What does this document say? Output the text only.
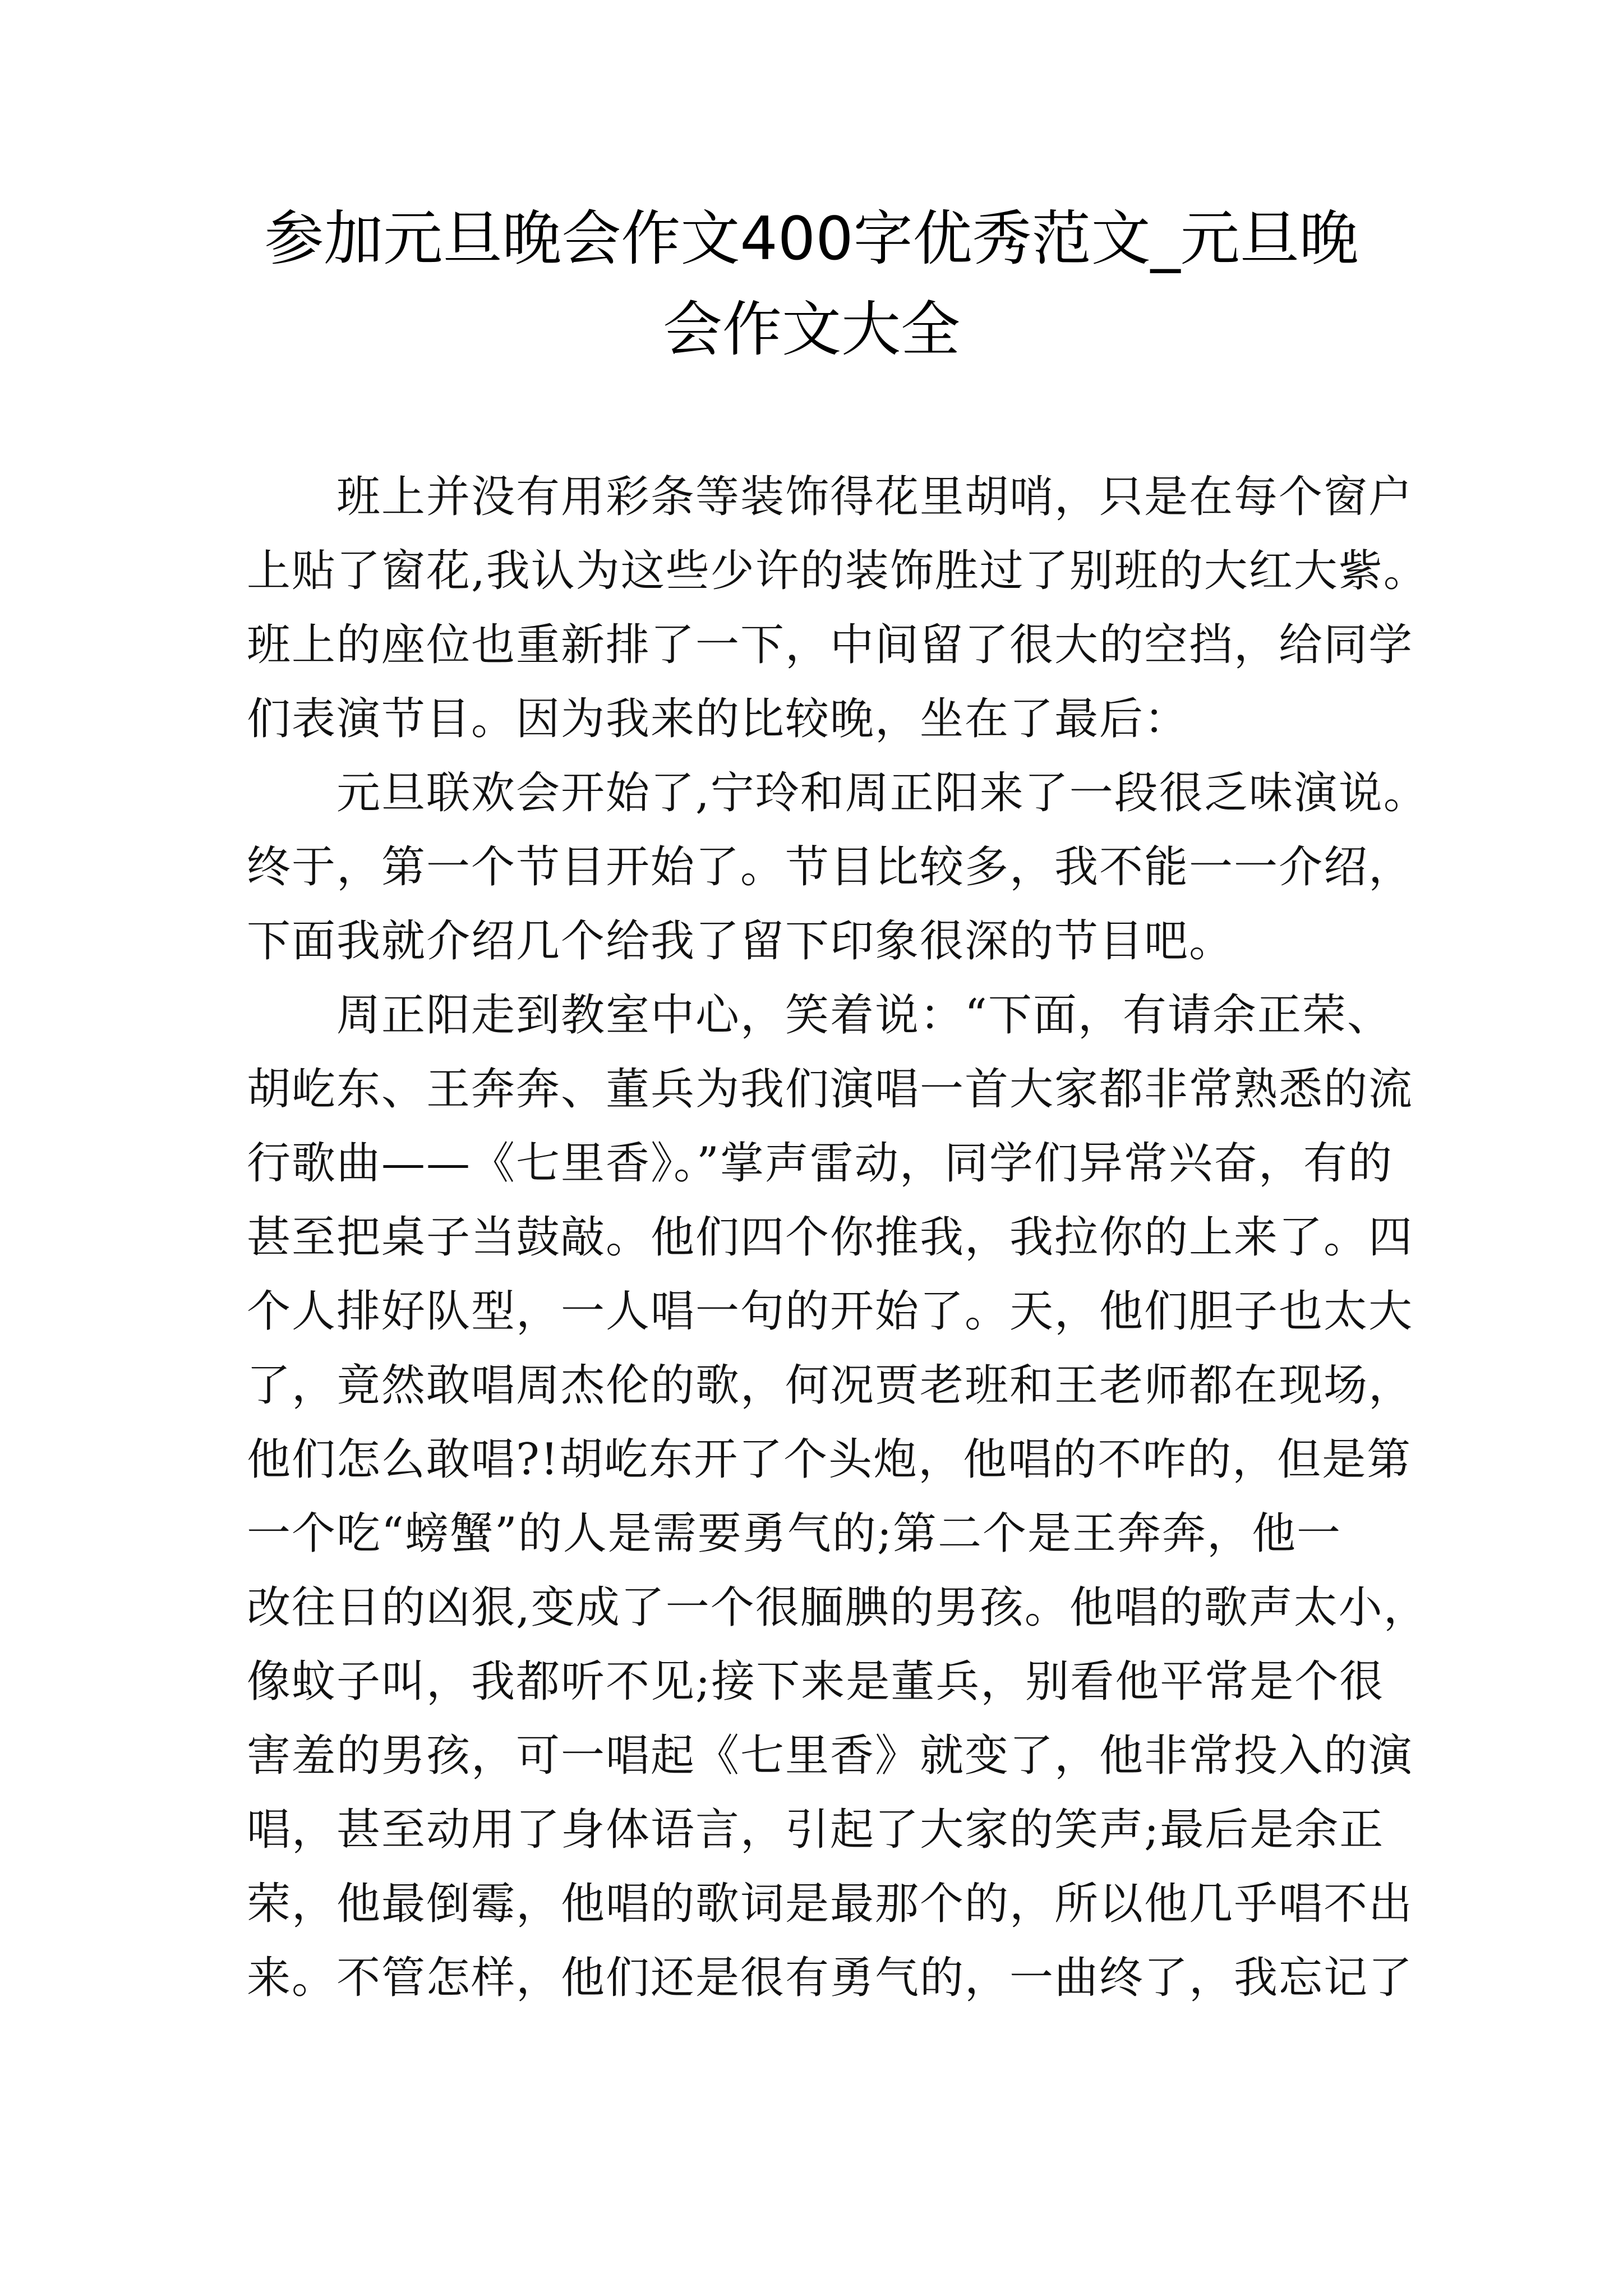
参加元旦晚会作文400字优秀范文_元旦晚
会作文大全
班上并没有用彩条等装饰得花里胡哨，只是在每个窗户
上贴了窗花,我认为这些少许的装饰胜过了别班的大红大紫。
班上的座位也重新排了一下，中间留了很大的空挡，给同学
们表演节目。因为我来的比较晚，坐在了最后：
元旦联欢会开始了,宁玲和周正阳来了一段很乏味演说。
终于，第一个节目开始了。节目比较多，我不能一一介绍，
下面我就介绍几个给我了留下印象很深的节目吧。
周正阳走到教室中心，笑着说：“下面，有请余正荣、
胡屹东、王奔奔、董兵为我们演唱一首大家都非常熟悉的流
行歌曲——《七里香》。”掌声雷动，同学们异常兴奋，有的
甚至把桌子当鼓敲。他们四个你推我，我拉你的上来了。四
个人排好队型，一人唱一句的开始了。天，他们胆子也太大
了，竟然敢唱周杰伦的歌，何况贾老班和王老师都在现场，
他们怎么敢唱?!胡屹东开了个头炮，他唱的不咋的，但是第
一个吃“螃蟹”的人是需要勇气的;第二个是王奔奔，他一
改往日的凶狠,变成了一个很腼腆的男孩。他唱的歌声太小，
像蚊子叫，我都听不见;接下来是董兵，别看他平常是个很
害羞的男孩，可一唱起《七里香》就变了，他非常投入的演
唱，甚至动用了身体语言，引起了大家的笑声;最后是余正
荣，他最倒霉，他唱的歌词是最那个的，所以他几乎唱不出
来。不管怎样，他们还是很有勇气的，一曲终了，我忘记了
